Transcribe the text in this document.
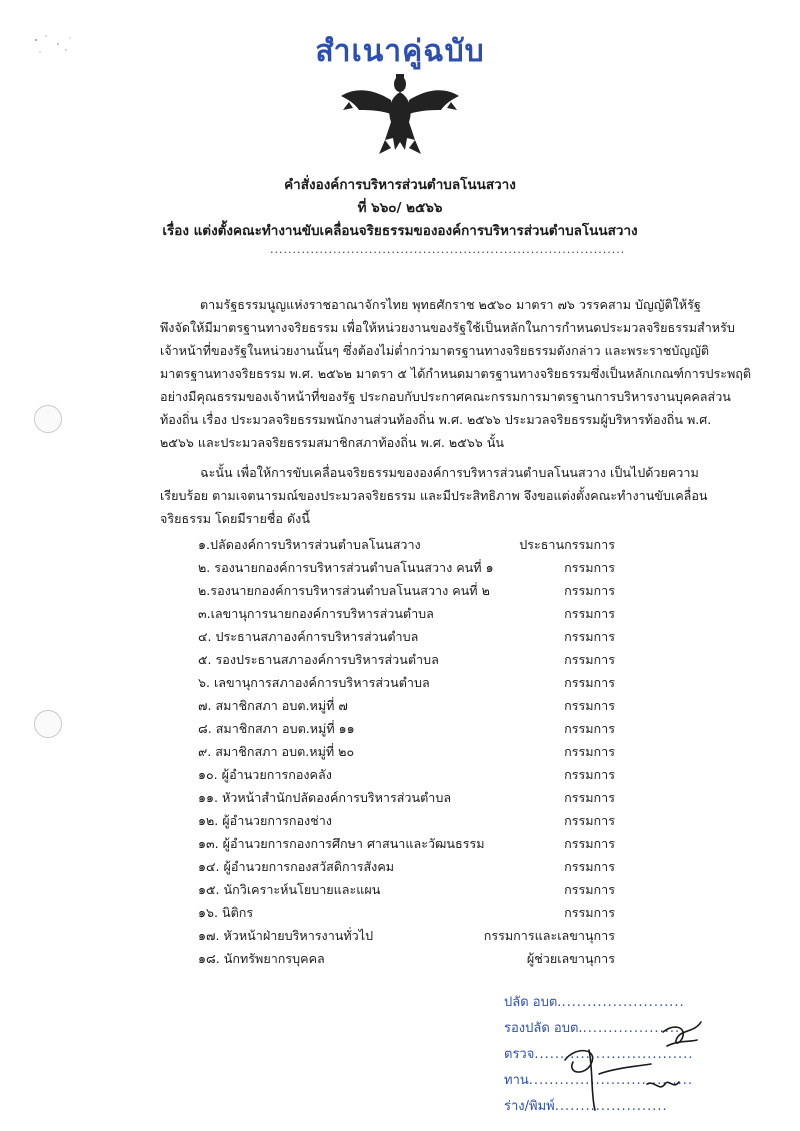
สำเนาคู่ฉบับ
คำสั่งองค์การบริหารส่วนตำบลโนนสวาง
ที่ ๖๖๐/ ๒๕๖๖
เรื่อง แต่งตั้งคณะทำงานขับเคลื่อนจริยธรรมขององค์การบริหารส่วนตำบลโนนสวาง
...............................................................................
ตามรัฐธรรมนูญแห่งราชอาณาจักรไทย พุทธศักราช ๒๕๖๐ มาตรา ๗๖ วรรคสาม บัญญัติให้รัฐ
พึงจัดให้มีมาตรฐานทางจริยธรรม เพื่อให้หน่วยงานของรัฐใช้เป็นหลักในการกำหนดประมวลจริยธรรมสำหรับ
เจ้าหน้าที่ของรัฐในหน่วยงานนั้นๆ ซึ่งต้องไม่ต่ำกว่ามาตรฐานทางจริยธรรมดังกล่าว และพระราชบัญญัติ
มาตรฐานทางจริยธรรม พ.ศ. ๒๕๖๒ มาตรา ๕ ได้กำหนดมาตรฐานทางจริยธรรมซึ่งเป็นหลักเกณฑ์การประพฤติ
อย่างมีคุณธรรมของเจ้าหน้าที่ของรัฐ ประกอบกับประกาศคณะกรรมการมาตรฐานการบริหารงานบุคคลส่วน
ท้องถิ่น เรื่อง ประมวลจริยธรรมพนักงานส่วนท้องถิ่น พ.ศ. ๒๕๖๖ ประมวลจริยธรรมผู้บริหารท้องถิ่น พ.ศ.
๒๕๖๖ และประมวลจริยธรรมสมาชิกสภาท้องถิ่น พ.ศ. ๒๕๖๖ นั้น
ฉะนั้น เพื่อให้การขับเคลื่อนจริยธรรมขององค์การบริหารส่วนตำบลโนนสวาง เป็นไปด้วยความ
เรียบร้อย ตามเจตนารมณ์ของประมวลจริยธรรม และมีประสิทธิภาพ จึงขอแต่งตั้งคณะทำงานขับเคลื่อน
จริยธรรม โดยมีรายชื่อ ดังนี้
๑.ปลัดองค์การบริหารส่วนตำบลโนนสวาง	ประธานกรรมการ
๒. รองนายกองค์การบริหารส่วนตำบลโนนสวาง คนที่ ๑	กรรมการ
๒.รองนายกองค์การบริหารส่วนตำบลโนนสวาง คนที่ ๒	กรรมการ
๓.เลขานุการนายกองค์การบริหารส่วนตำบล	กรรมการ
๔. ประธานสภาองค์การบริหารส่วนตำบล	กรรมการ
๕. รองประธานสภาองค์การบริหารส่วนตำบล	กรรมการ
๖. เลขานุการสภาองค์การบริหารส่วนตำบล	กรรมการ
๗. สมาชิกสภา อบต.หมู่ที่ ๗	กรรมการ
๘. สมาชิกสภา อบต.หมู่ที่ ๑๑	กรรมการ
๙. สมาชิกสภา อบต.หมู่ที่ ๒๐	กรรมการ
๑๐. ผู้อำนวยการกองคลัง	กรรมการ
๑๑. หัวหน้าสำนักปลัดองค์การบริหารส่วนตำบล	กรรมการ
๑๒. ผู้อำนวยการกองช่าง	กรรมการ
๑๓. ผู้อำนวยการกองการศึกษา ศาสนาและวัฒนธรรม	กรรมการ
๑๔. ผู้อำนวยการกองสวัสดิการสังคม	กรรมการ
๑๕. นักวิเคราะห์นโยบายและแผน	กรรมการ
๑๖. นิติกร	กรรมการ
๑๗. หัวหน้าฝ่ายบริหารงานทั่วไป	กรรมการและเลขานุการ
๑๘. นักทรัพยากรบุคคล	ผู้ช่วยเลขานุการ
ปลัด อบต.........................
รองปลัด อบต....................
ตรวจ...............................
ทาน................................
ร่าง/พิมพ์......................
